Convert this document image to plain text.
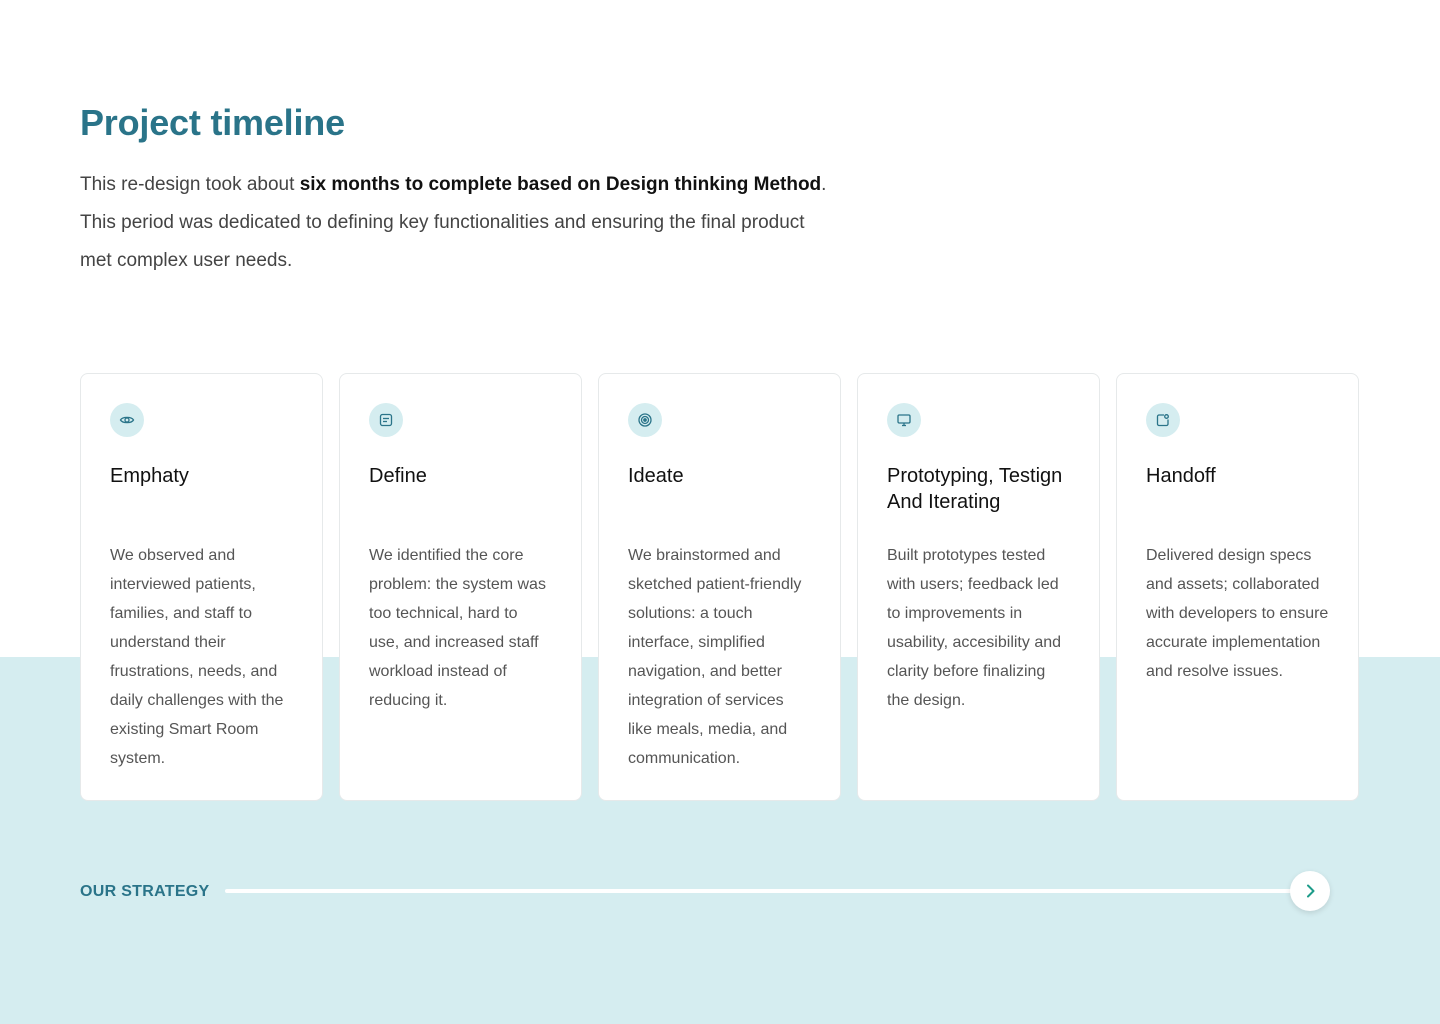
Project timeline

This re-design took about six months to complete based on Design thinking Method. This period was dedicated to defining key functionalities and ensuring the final product met complex user needs.

Emphaty
We observed and interviewed patients, families, and staff to understand their frustrations, needs, and daily challenges with the existing Smart Room system.
Define
We identified the core problem: the system was too technical, hard to use, and increased staff workload instead of reducing it.
Ideate
We brainstormed and sketched patient-friendly solutions: a touch interface, simplified navigation, and better integration of services like meals, media, and communication.
Prototyping, Testign And Iterating
Built prototypes tested with users; feedback led to improvements in usability, accesibility and clarity before finalizing the design.
Handoff
Delivered design specs and assets; collaborated with developers to ensure accurate implementation and resolve issues.
OUR STRATEGY
